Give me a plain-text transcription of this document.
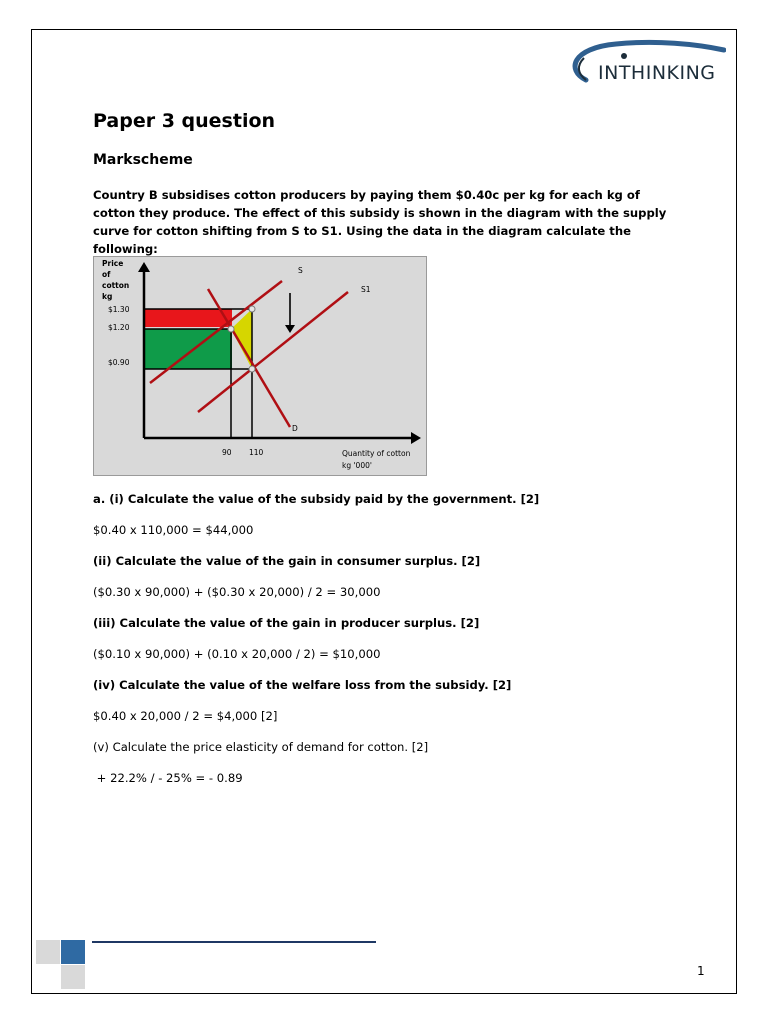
INTHINKING
Paper 3 question
Markscheme

Country B subsidises cotton producers by paying them $0.40c per kg for each kg of cotton they produce. The effect of this subsidy is shown in the diagram with the supply curve for cotton shifting from S to S1. Using the data in the diagram calculate the following:

Price
of
cotton
kg
$1.30
$1.20
$0.90
90 110	Quantity of cotton
kg '000'
S
S1
D

a. (i) Calculate the value of the subsidy paid by the government. [2]

$0.40 x 110,000 = $44,000

(ii) Calculate the value of the gain in consumer surplus. [2]

($0.30 x 90,000) + ($0.30 x 20,000) / 2 = 30,000

(iii) Calculate the value of the gain in producer surplus. [2]

($0.10 x 90,000) + (0.10 x 20,000 / 2) = $10,000

(iv) Calculate the value of the welfare loss from the subsidy. [2]

$0.40 x 20,000 / 2 = $4,000 [2]

(v) Calculate the price elasticity of demand for cotton. [2]

+ 22.2% / - 25% = - 0.89

1
